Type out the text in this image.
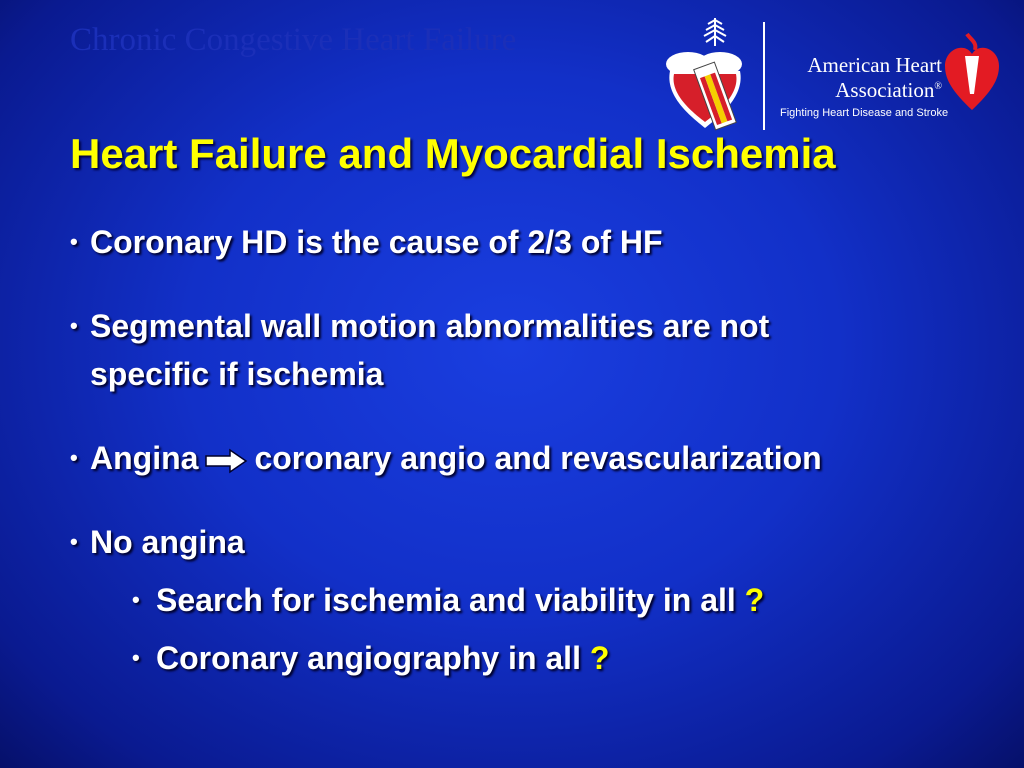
Chronic Congestive Heart Failure
American Heart
Association®
Fighting Heart Disease and Stroke
Heart Failure and Myocardial Ischemia
• Coronary HD is the cause of 2/3 of HF
• Segmental wall motion abnormalities are not
specific if ischemia
• Angina coronary angio and revascularization
• No angina
• Search for ischemia and viability in all ?
• Coronary angiography in all ?
